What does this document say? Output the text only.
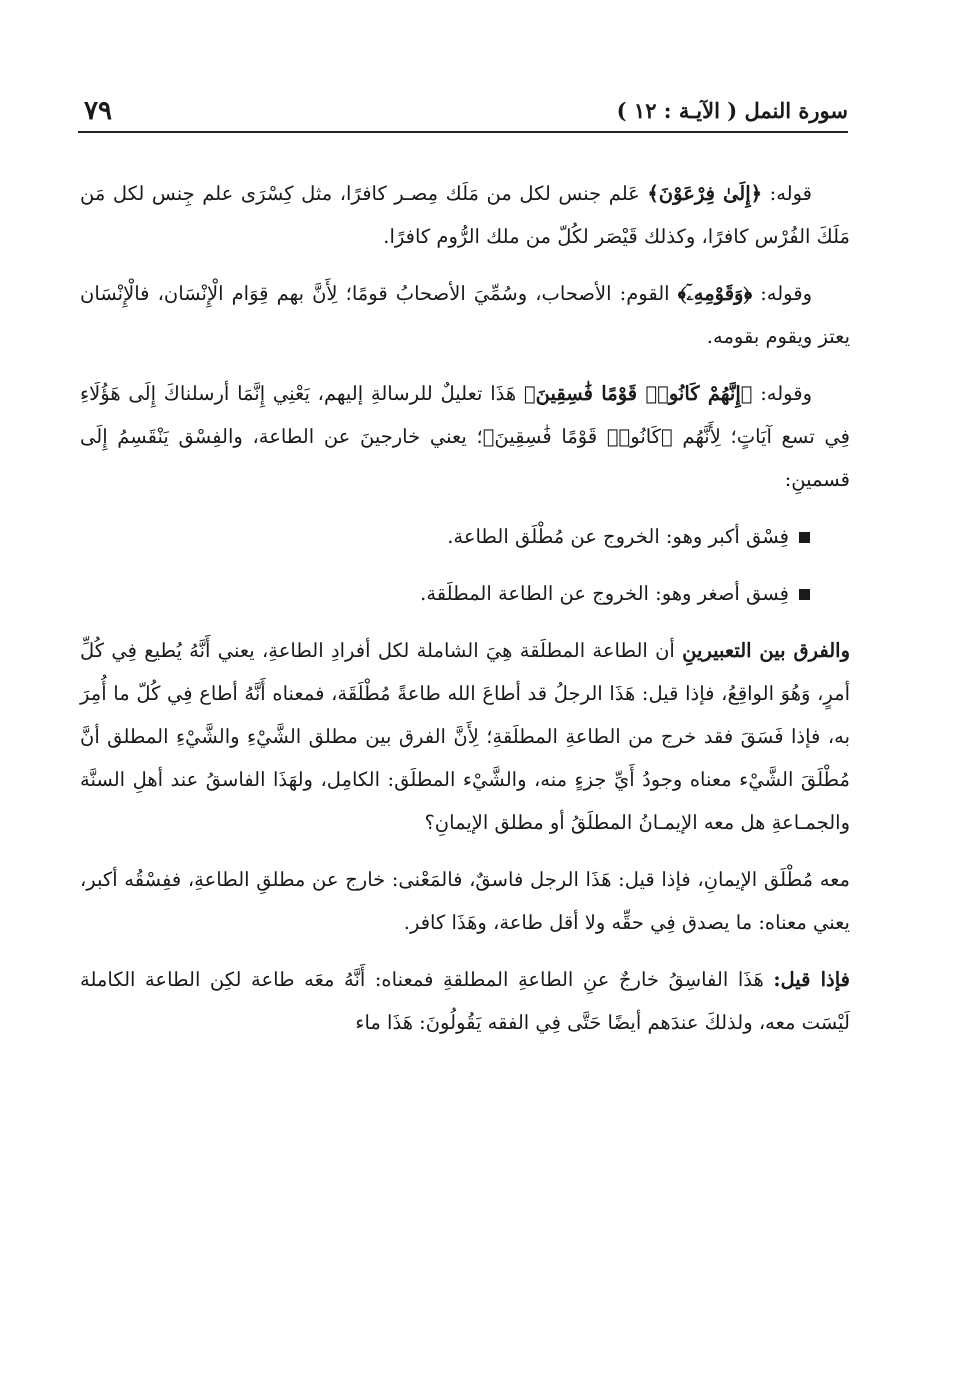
سورة النمل ( الآيـة : ١٢ )
٧٩

قوله: ﴿إِلَىٰ فِرْعَوْنَ﴾ عَلم جنس لكل من مَلَك مِصـر كافرًا، مثل كِسْرَى علم جِنس لكل مَن مَلَكَ الفُرْس كافرًا، وكذلك قَيْصَر لكُلّ من ملك الرُّوم كافرًا.

وقوله: ﴿وَقَوْمِهِۦٓ﴾ القوم: الأصحاب، وسُمِّيَ الأصحابُ قومًا؛ لِأَنَّ بهم قِوَام الْإِنْسَان، فالْإِنْسَان يعتز ويقوم بقومه.

وقوله: ﴿إِنَّهُمْ كَانُوا۟ قَوْمًا فَٰسِقِينَ﴾ هَذَا تعليلٌ للرسالةِ إليهم، يَعْنِي إِنَّمَا أرسلناكَ إِلَى هَؤُلَاءِ فِي تسع آيَاتٍ؛ لِأَنَّهُم ﴿كَانُوا۟ قَوْمًا فَٰسِقِينَ﴾؛ يعني خارجينَ عن الطاعة، والفِسْق يَنْقَسِمُ إِلَى قسمينِ:

فِسْق أكبر وهو: الخروج عن مُطْلَق الطاعة.
فِسق أصغر وهو: الخروج عن الطاعة المطلَقة.

والفرق بين التعبيرينِ أن الطاعة المطلَقة هِيَ الشاملة لكل أفرادِ الطاعةِ، يعني أَنَّهُ يُطيع فِي كُلِّ أمرٍ، وَهُوَ الواقِعُ، فإذا قيل: هَذَا الرجلُ قد أطاعَ الله طاعةً مُطْلَقَة، فمعناه أَنَّهُ أطاع فِي كُلّ ما أُمِرَ به، فإذا فَسَقَ فقد خرج من الطاعةِ المطلَقةِ؛ لِأَنَّ الفرق بين مطلق الشَّيْءِ والشَّيْءِ المطلق أنَّ مُطْلَقَ الشَّيْء معناه وجودُ أَيِّ جزءٍ منه، والشَّيْء المطلَق: الكامِل، ولهَذَا الفاسقُ عند أهلِ السنَّة والجمـاعةِ هل معه الإيمـانُ المطلَقُ أو مطلق الإيمانِ؟

معه مُطْلَق الإيمانِ، فإذا قيل: هَذَا الرجل فاسقٌ، فالمَعْنى: خارج عن مطلقِ الطاعةِ، ففِسْقُه أكبر، يعني معناه: ما يصدق فِي حقِّه ولا أقل طاعة، وهَذَا كافر.

فإذا قيل: هَذَا الفاسِقُ خارجٌ عنِ الطاعةِ المطلقةِ فمعناه: أَنَّهُ معَه طاعة لكِن الطاعة الكاملة لَيْسَت معه، ولذلكَ عندَهم أيضًا حَتَّى فِي الفقه يَقُولُونَ: هَذَا ماء
